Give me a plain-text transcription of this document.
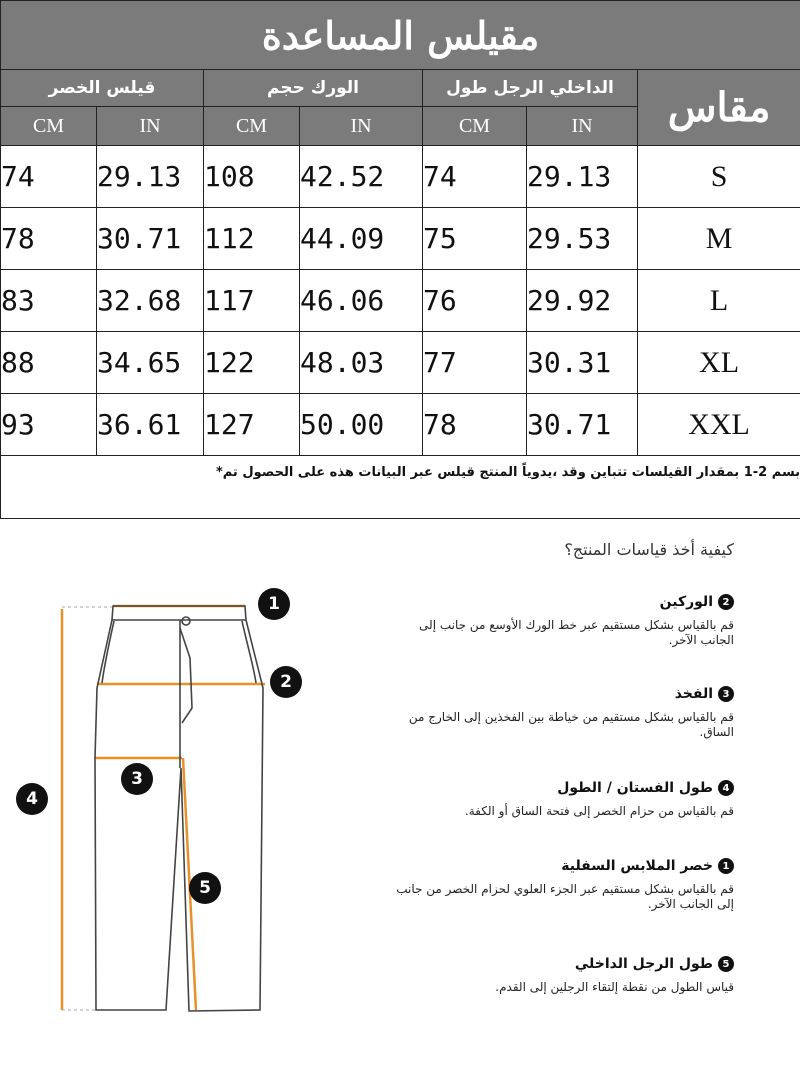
مقيلس المساعدة						
قيلس الخصر		الورك حجم		الداخلي الرجل طول		مقاس
CM	IN	CM	IN	CM	IN	
74	29.13	108	42.52	74	29.13	S
78	30.71	112	44.09	75	29.53	M
83	32.68	117	46.06	76	29.92	L
88	34.65	122	48.03	77	30.31	XL
93	36.61	127	50.00	78	30.71	XXL

بسم 2-1 بمقدار القيلسات تتباين وقد ،يدوياً المنتج قيلس عبر البيانات هذه على الحصول تم*						
1
2
3
4
5
كيفية أخذ قياسات المنتج؟
2
الوركين
قم بالقياس بشكل مستقيم عبر خط الورك الأوسع من جانب إلى الجانب الآخر.
3
الفخذ
قم بالقياس بشكل مستقيم من خياطة بين الفخذين إلى الخارج من الساق.
4
طول الفستان / الطول
قم بالقياس من حزام الخصر إلى فتحة الساق أو الكفة.
1
خصر الملابس السفلية
قم بالقياس بشكل مستقيم عبر الجزء العلوي لحزام الخصر من جانب إلى الجانب الآخر.
5
طول الرجل الداخلي
قياس الطول من نقطة إلتقاء الرجلين إلى القدم.
